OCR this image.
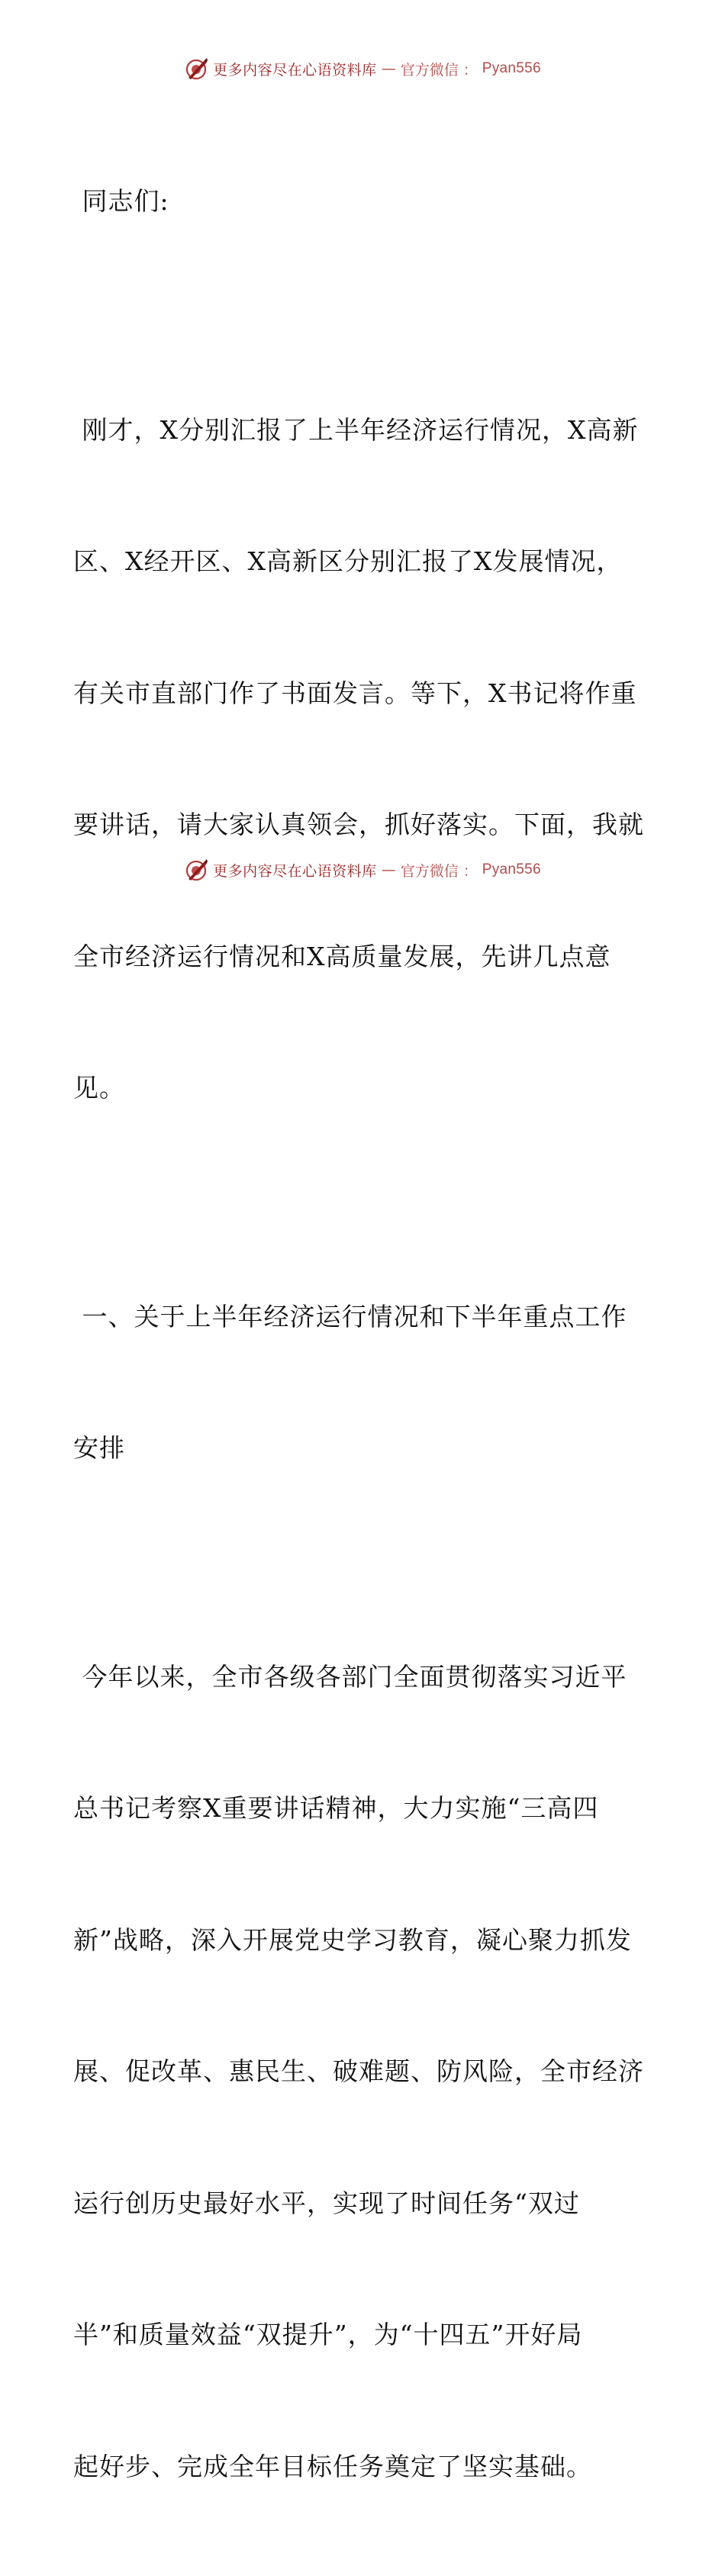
更多内容尽在心语资料库 — 官方微信 ： Pyan556

同志们:

刚才，X分别汇报了上半年经济运行情况，X高新

区、X经开区、X高新区分别汇报了X发展情况，

有关市直部门作了书面发言。等下，X书记将作重

要讲话，请大家认真领会，抓好落实。下面，我就

全市经济运行情况和X高质量发展，先讲几点意

见。

一、关于上半年经济运行情况和下半年重点工作

安排

今年以来，全市各级各部门全面贯彻落实习近平

总书记考察X重要讲话精神，大力实施“三高四

新”战略，深入开展党史学习教育，凝心聚力抓发

展、促改革、惠民生、破难题、防风险，全市经济

运行创历史最好水平，实现了时间任务“双过

半”和质量效益“双提升”，为“十四五”开好局

起好步、完成全年目标任务奠定了坚实基础。

更多内容尽在心语资料库 — 官方微信 ： Pyan556
